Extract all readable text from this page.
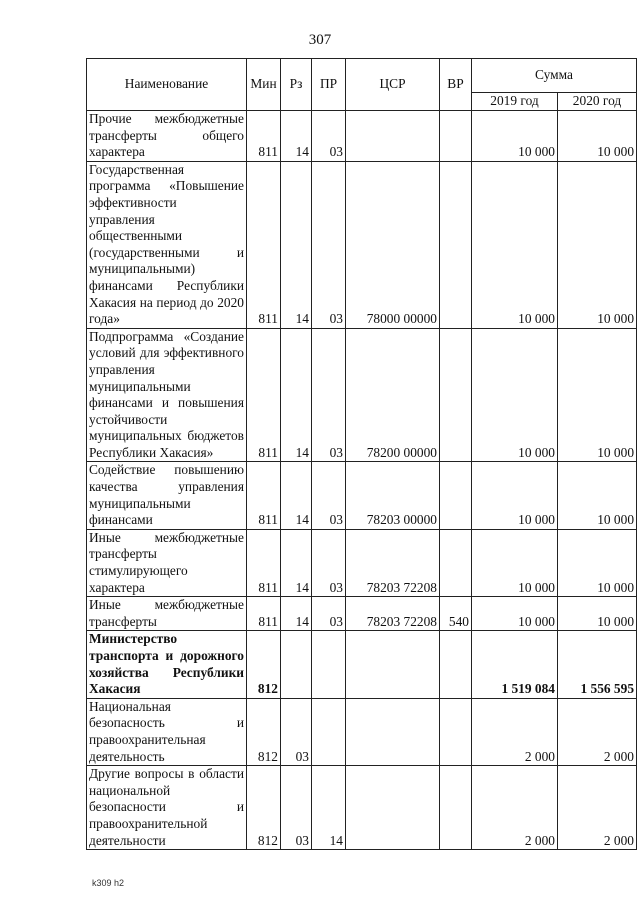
307
Наименование	Мин	Рз	ПР	ЦСР	ВР	Сумма	
						2019 год	2020 год
Прочие межбюджетные трансферты общего характера	811	14	03			10 000	10 000
Государственная программа «Повышение эффективности управления общественными (государственными и муниципальными) финансами Республики Хакасия на период до 2020 года»	811	14	03	78000 00000		10 000	10 000
Подпрограмма «Создание условий для эффективного управления муниципальными финансами и повышения устойчивости муниципальных бюджетов Республики Хакасия»	811	14	03	78200 00000		10 000	10 000
Содействие повышению качества управления муниципальными финансами	811	14	03	78203 00000		10 000	10 000
Иные межбюджетные трансферты стимулирующего характера	811	14	03	78203 72208		10 000	10 000
Иные межбюджетные трансферты	811	14	03	78203 72208	540	10 000	10 000
Министерство транспорта и дорожного хозяйства Республики Хакасия	812					1 519 084	1 556 595
Национальная безопасность и правоохранительная деятельность	812	03				2 000	2 000
Другие вопросы в области национальной безопасности и правоохранительной деятельности	812	03	14			2 000	2 000
k309 h2
